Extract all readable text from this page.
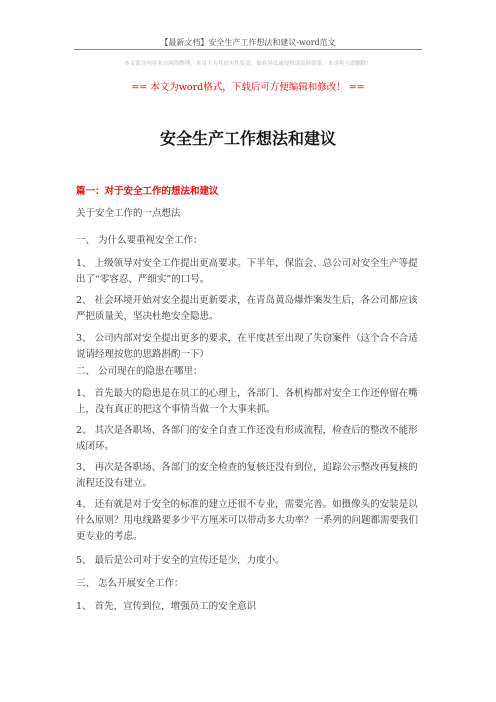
【最新文档】安全生产工作想法和建议-word范文
本文部分内容来自网络整理，本司不为其真实性负责，如有异议或侵权请及时联系，本司将立即删除！
== 本文为word格式，下载后可方便编辑和修改！ ==
安全生产工作想法和建议
篇一：对于安全工作的想法和建议
关于安全工作的一点想法
一、 为什么要重视安全工作：
1、 上级领导对安全工作提出更高要求。下半年，保监会、总公司对安全生产等提出了“零容忍、严细实”的口号。
2、 社会环境开始对安全提出更新要求，在青岛黄岛爆炸案发生后，各公司都应该严把质量关，坚决杜绝安全隐患。
3、 公司内部对安全提出更多的要求，在平度甚至出现了失窃案件（这个合不合适说请经理按您的思路斟酌一下）
二、 公司现在的隐患在哪里：
1、 首先最大的隐患是在员工的心理上，各部门、各机构都对安全工作还停留在嘴上，没有真正的把这个事情当做一个大事来抓。
2、 其次是各职场、各部门的安全自查工作还没有形成流程，检查后的整改不能形成闭环。
3、 再次是各职场、各部门的安全检查的复核还没有到位，追踪公示整改再复核的流程还没有建立。
4、 还有就是对于安全的标准的建立还很不专业，需要完善。如摄像头的安装是以什么原则？用电线路要多少平方厘米可以带动多大功率？一系列的问题都需要我们更专业的考虑。
5、 最后是公司对于安全的宣传还是少，力度小。
三、 怎么开展安全工作：
1、 首先，宣传到位，增强员工的安全意识
